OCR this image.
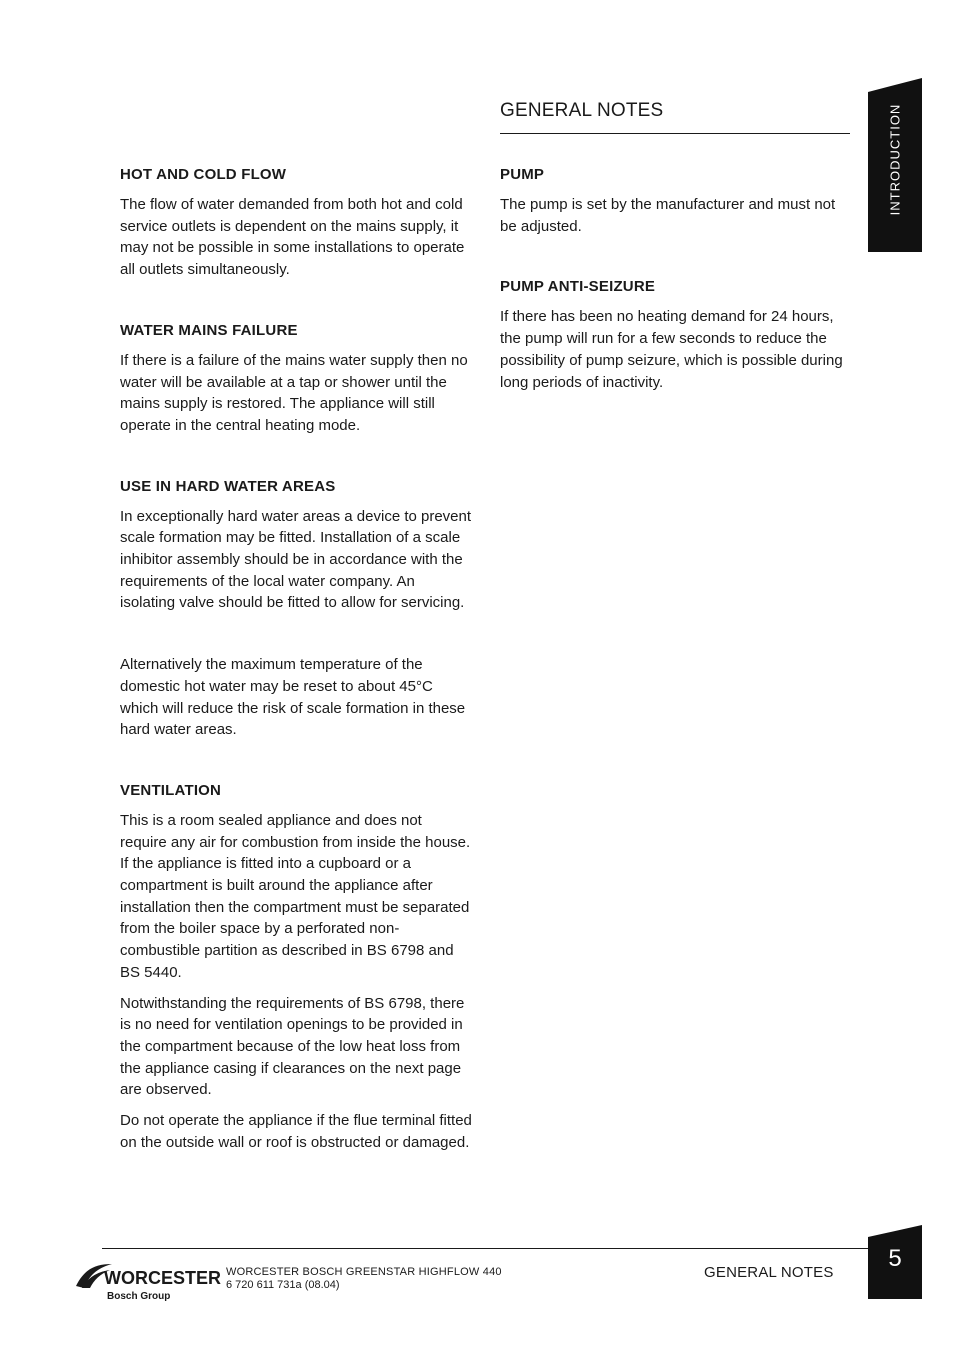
GENERAL NOTES	INTRODUCTION
HOT AND COLD FLOW

The flow of water demanded from both hot and cold service outlets is dependent on the mains supply, it may not be possible in some installations to operate all outlets simultaneously.

WATER MAINS FAILURE

If there is a failure of the mains water supply then no water will be available at a tap or shower until the mains supply is restored. The appliance will still operate in the central heating mode.

USE IN HARD WATER AREAS

In exceptionally hard water areas a device to prevent scale formation may be fitted. Installation of a scale inhibitor assembly should be in accordance with the requirements of the local water company. An isolating valve should be fitted to allow for servicing.

Alternatively the maximum temperature of the domestic hot water may be reset to about 45°C which will reduce the risk of scale formation in these hard water areas.

VENTILATION

This is a room sealed appliance and does not require any air for combustion from inside the house. If the appliance is fitted into a cupboard or a compartment is built around the appliance after installation then the compartment must be separated from the boiler space by a perforated non-combustible partition as described in BS 6798 and BS 5440.

Notwithstanding the requirements of BS 6798, there is no need for ventilation openings to be provided in the compartment because of the low heat loss from the appliance casing if clearances on the next page are observed.

Do not operate the appliance if the flue terminal fitted on the outside wall or roof is obstructed or damaged.

PUMP

The pump is set by the manufacturer and must not be adjusted.

PUMP ANTI-SEIZURE

If there has been no heating demand for 24 hours, the pump will run for a few seconds to reduce the possibility of pump seizure, which is possible during long periods of inactivity.

WORCESTER
Bosch Group
WORCESTER BOSCH GREENSTAR HIGHFLOW 440
6 720 611 731a (08.04)
GENERAL NOTES
5
